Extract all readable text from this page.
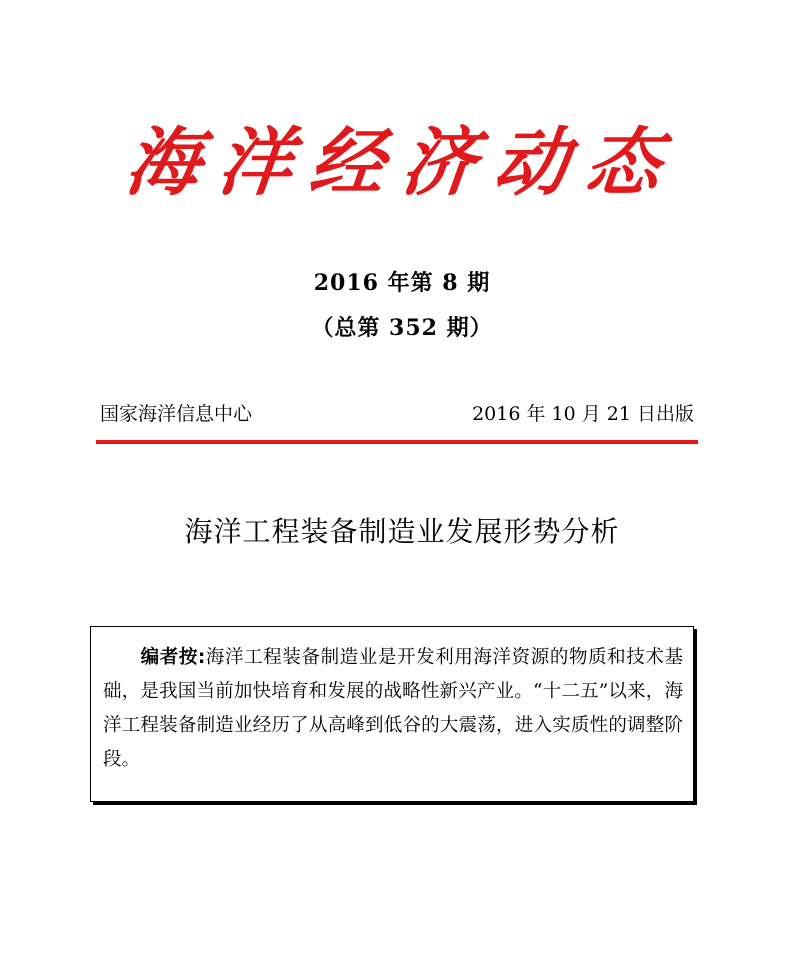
海洋经济动态
2016 年第 8 期
（总第 352 期）
国家海洋信息中心	2016 年 10 月 21 日出版
海洋工程装备制造业发展形势分析
编者按:海洋工程装备制造业是开发利用海洋资源的物质和技术基础，是我国当前加快培育和发展的战略性新兴产业。“十二五”以来，海洋工程装备制造业经历了从高峰到低谷的大震荡，进入实质性的调整阶段。
